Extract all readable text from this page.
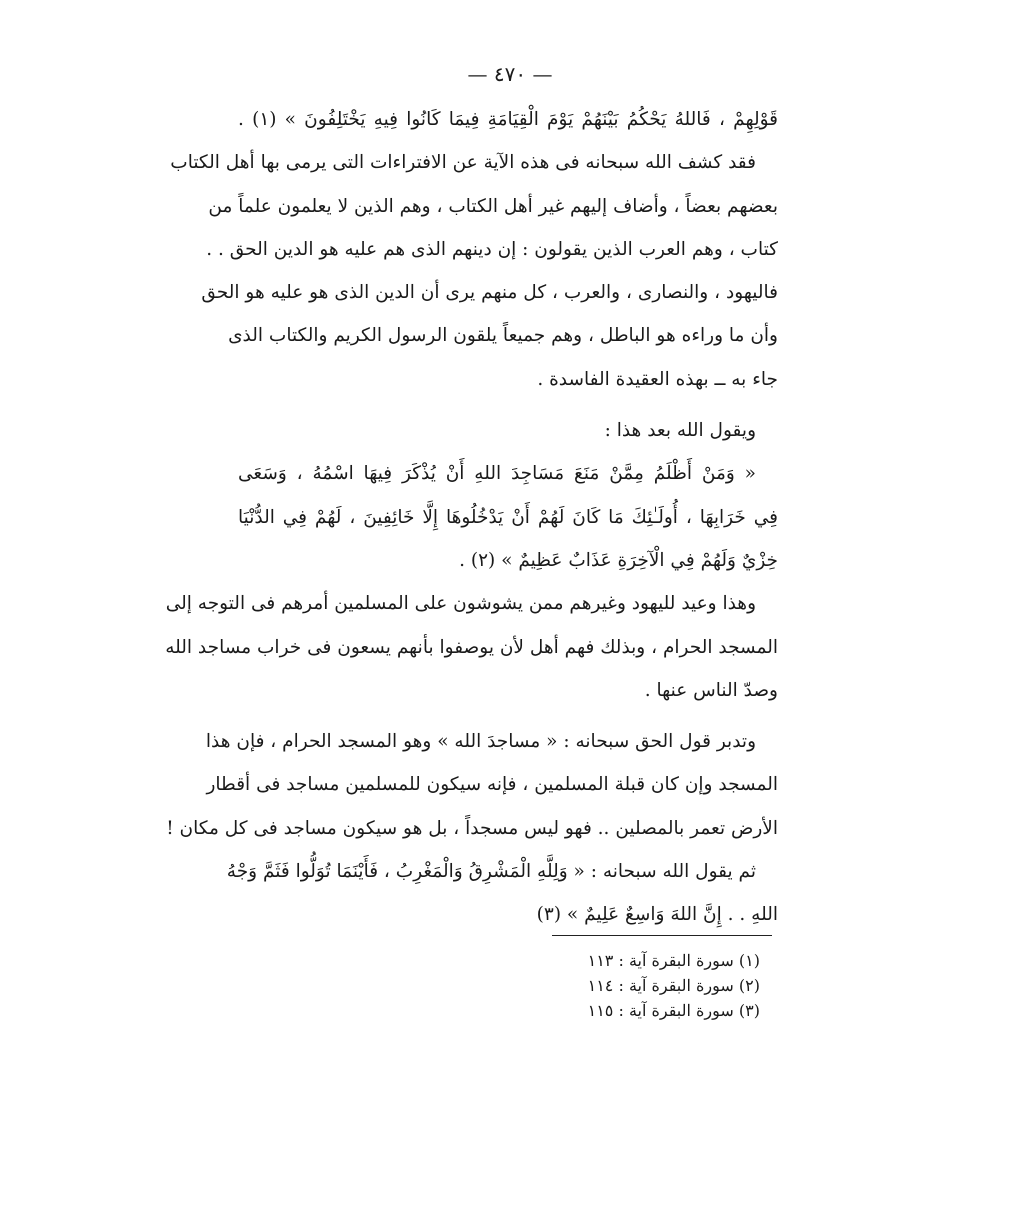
— ٤٧٠ —
قَوْلِهِمْ ، فَاللهُ يَحْكُمُ بَيْنَهُمْ يَوْمَ الْقِيَامَةِ فِيمَا كَانُوا فِيهِ يَخْتَلِفُونَ » (١) .
فقد كشف الله سبحانه فى هذه الآية عن الافتراءات التى يرمى بها أهل الكتاب
بعضهم بعضاً ، وأضاف إليهم غير أهل الكتاب ، وهم الذين لا يعلمون علماً من
كتاب ، وهم العرب الذين يقولون : إن دينهم الذى هم عليه هو الدين الحق . .
فاليهود ، والنصارى ، والعرب ، كل منهم يرى أن الدين الذى هو عليه هو الحق
وأن ما وراءه هو الباطل ، وهم جميعاً يلقون الرسول الكريم والكتاب الذى
جاء به ــ بهذه العقيدة الفاسدة .
ويقول الله بعد هذا :
« وَمَنْ أَظْلَمُ مِمَّنْ مَنَعَ مَسَاجِدَ اللهِ أَنْ يُذْكَرَ فِيهَا اسْمُهُ ، وَسَعَى
فِي خَرَابِهَا ، أُولَـٰئِكَ مَا كَانَ لَهُمْ أَنْ يَدْخُلُوهَا إِلَّا خَائِفِينَ ، لَهُمْ فِي الدُّنْيَا
خِزْيٌ وَلَهُمْ فِي الْآخِرَةِ عَذَابٌ عَظِيمٌ » (٢) .
وهذا وعيد لليهود وغيرهم ممن يشوشون على المسلمين أمرهم فى التوجه إلى
المسجد الحرام ، وبذلك فهم أهل لأن يوصفوا بأنهم يسعون فى خراب مساجد الله
وصدّ الناس عنها .
وتدبر قول الحق سبحانه : « مساجدَ الله » وهو المسجد الحرام ، فإن هذا
المسجد وإن كان قبلة المسلمين ، فإنه سيكون للمسلمين مساجد فى أقطار
الأرض تعمر بالمصلين .. فهو ليس مسجداً ، بل هو سيكون مساجد فى كل مكان !
ثم يقول الله سبحانه : « وَلِلَّهِ الْمَشْرِقُ وَالْمَغْرِبُ ، فَأَيْنَمَا تُوَلُّوا فَثَمَّ وَجْهُ
اللهِ . . إِنَّ اللهَ وَاسِعٌ عَلِيمٌ » (٣)
(١) سورة البقرة آية : ١١٣
(٢) سورة البقرة آية : ١١٤
(٣) سورة البقرة آية : ١١٥
